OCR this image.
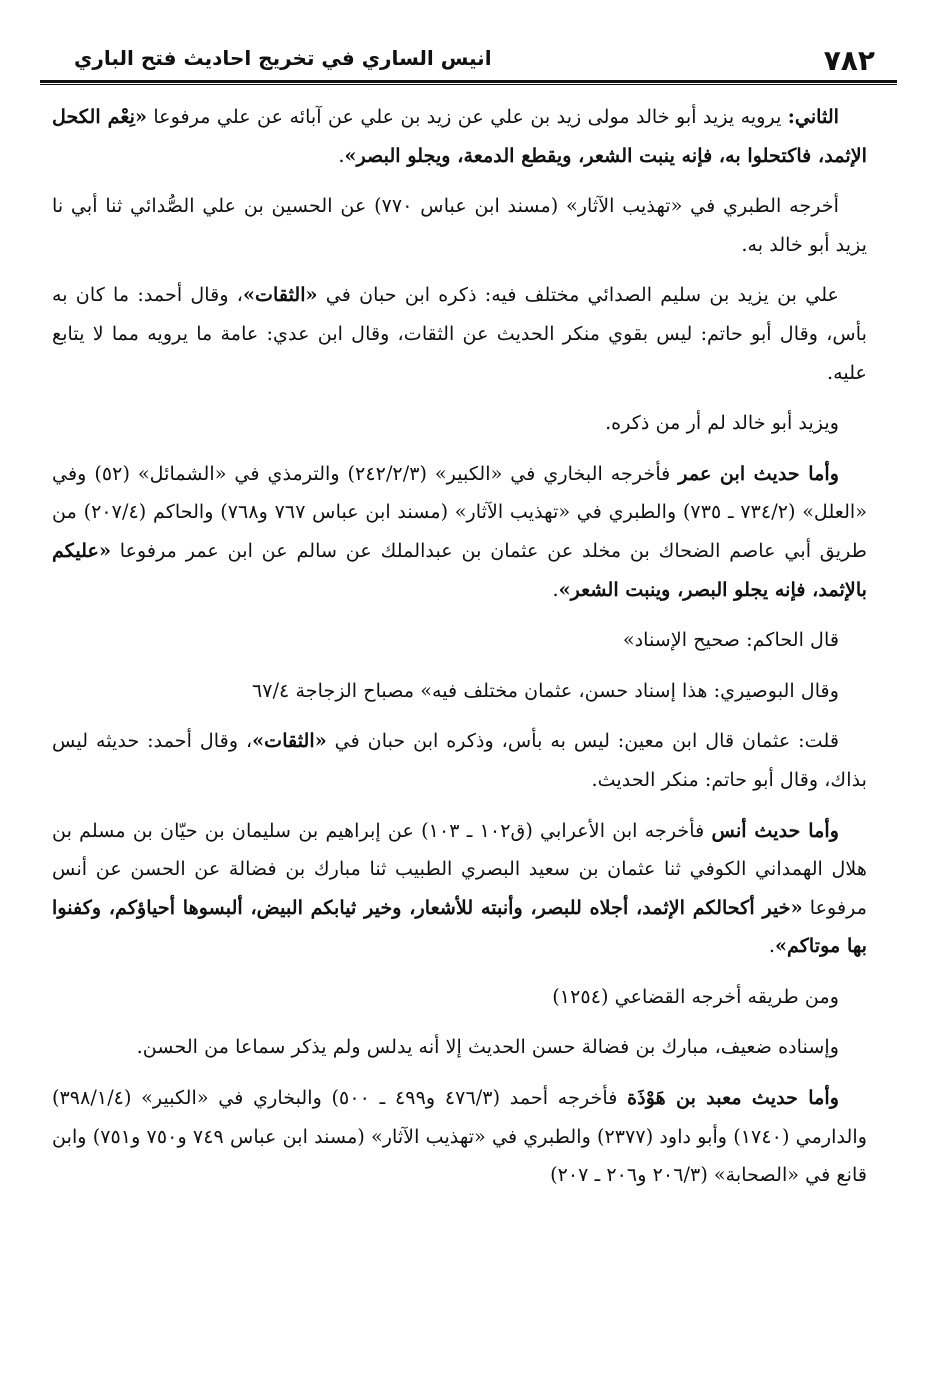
٧٨٢
انيس الساري في تخريج احاديث فتح الباري

الثاني: يرويه يزيد أبو خالد مولى زيد بن علي عن زيد بن علي عن آبائه عن علي مرفوعا «نِعْم الكحل الإثمد، فاكتحلوا به، فإنه ينبت الشعر، ويقطع الدمعة، ويجلو البصر».

أخرجه الطبري في «تهذيب الآثار» (مسند ابن عباس ٧٧٠) عن الحسين بن علي الصُّدائي ثنا أبي نا يزيد أبو خالد به.

علي بن يزيد بن سليم الصدائي مختلف فيه: ذكره ابن حبان في «الثقات»، وقال أحمد: ما كان به بأس، وقال أبو حاتم: ليس بقوي منكر الحديث عن الثقات، وقال ابن عدي: عامة ما يرويه مما لا يتابع عليه.

ويزيد أبو خالد لم أر من ذكره.

وأما حديث ابن عمر فأخرجه البخاري في «الكبير» (٢٤٢/٢/٣) والترمذي في «الشمائل» (٥٢) وفي «العلل» (٧٣٤/٢ ـ ٧٣٥) والطبري في «تهذيب الآثار» (مسند ابن عباس ٧٦٧ و٧٦٨) والحاكم (٢٠٧/٤) من طريق أبي عاصم الضحاك بن مخلد عن عثمان بن عبدالملك عن سالم عن ابن عمر مرفوعا «عليكم بالإثمد، فإنه يجلو البصر، وينبت الشعر».

قال الحاكم: صحيح الإسناد»

وقال البوصيري: هذا إسناد حسن، عثمان مختلف فيه» مصباح الزجاجة ٦٧/٤

قلت: عثمان قال ابن معين: ليس به بأس، وذكره ابن حبان في «الثقات»، وقال أحمد: حديثه ليس بذاك، وقال أبو حاتم: منكر الحديث.

وأما حديث أنس فأخرجه ابن الأعرابي (ق١٠٢ ـ ١٠٣) عن إبراهيم بن سليمان بن حيّان بن مسلم بن هلال الهمداني الكوفي ثنا عثمان بن سعيد البصري الطبيب ثنا مبارك بن فضالة عن الحسن عن أنس مرفوعا «خير أكحالكم الإثمد، أجلاه للبصر، وأنبته للأشعار، وخير ثيابكم البيض، ألبسوها أحياؤكم، وكفنوا بها موتاكم».

ومن طريقه أخرجه القضاعي (١٢٥٤)

وإسناده ضعيف، مبارك بن فضالة حسن الحديث إلا أنه يدلس ولم يذكر سماعا من الحسن.

وأما حديث معبد بن هَوْذَة فأخرجه أحمد (٤٧٦/٣ و٤٩٩ ـ ٥٠٠) والبخاري في «الكبير» (٣٩٨/١/٤) والدارمي (١٧٤٠) وأبو داود (٢٣٧٧) والطبري في «تهذيب الآثار» (مسند ابن عباس ٧٤٩ و٧٥٠ و٧٥١) وابن قانع في «الصحابة» (٢٠٦/٣ و٢٠٦ ـ ٢٠٧)
